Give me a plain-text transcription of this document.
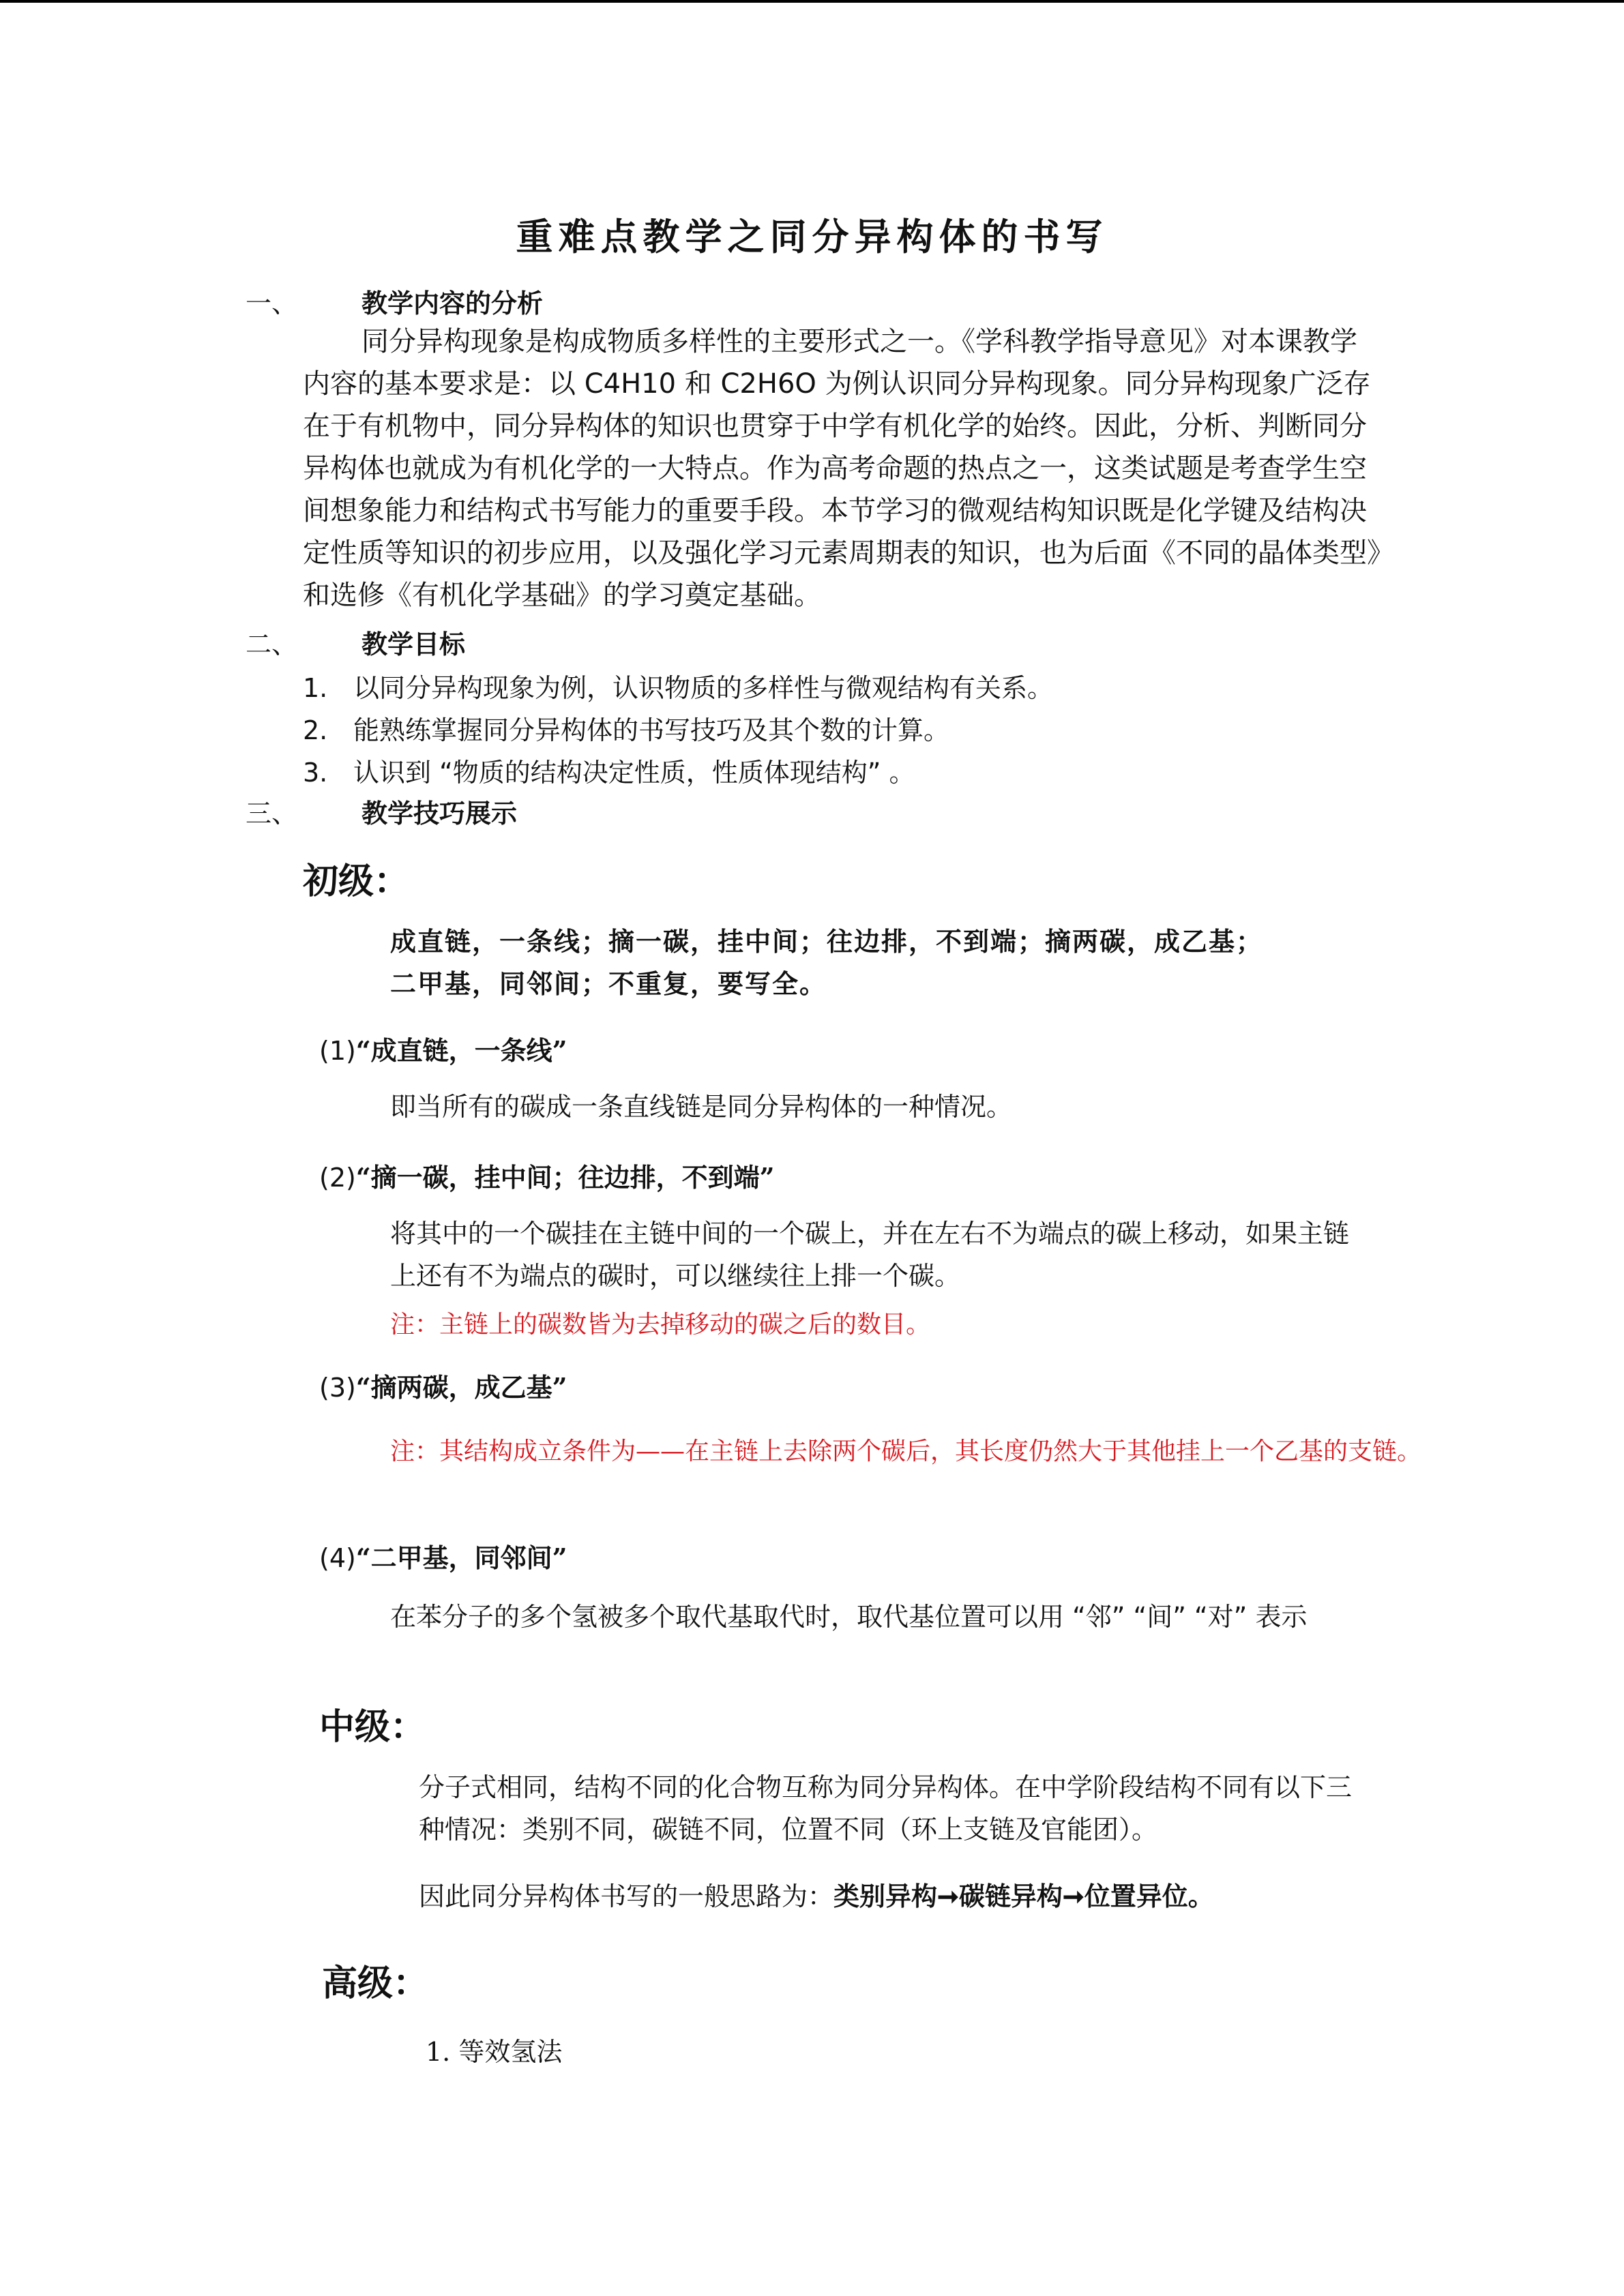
重难点教学之同分异构体的书写
一、 教学内容的分析
同分异构现象是构成物质多样性的主要形式之一。《学科教学指导意见》对本课教学内容的基本要求是：以 C4H10 和 C2H6O 为例认识同分异构现象。同分异构现象广泛存在于有机物中，同分异构体的知识也贯穿于中学有机化学的始终。因此，分析、判断同分异构体也就成为有机化学的一大特点。作为高考命题的热点之一，这类试题是考查学生空间想象能力和结构式书写能力的重要手段。本节学习的微观结构知识既是化学键及结构决定性质等知识的初步应用，以及强化学习元素周期表的知识，也为后面《不同的晶体类型》和选修《有机化学基础》的学习奠定基础。
二、 教学目标
1. 以同分异构现象为例，认识物质的多样性与微观结构有关系。
2. 能熟练掌握同分异构体的书写技巧及其个数的计算。
3. 认识到 “物质的结构决定性质，性质体现结构” 。
三、 教学技巧展示
初级：
成直链，一条线；摘一碳，挂中间；往边排，不到端；摘两碳，成乙基；
二甲基，同邻间；不重复，要写全。
(1)“成直链，一条线”
即当所有的碳成一条直线链是同分异构体的一种情况。
(2)“摘一碳，挂中间；往边排，不到端”
将其中的一个碳挂在主链中间的一个碳上，并在左右不为端点的碳上移动，如果主链上还有不为端点的碳时，可以继续往上排一个碳。
注：主链上的碳数皆为去掉移动的碳之后的数目。
(3)“摘两碳，成乙基”
注：其结构成立条件为——在主链上去除两个碳后，其长度仍然大于其他挂上一个乙基的支链。
(4)“二甲基，同邻间”
在苯分子的多个氢被多个取代基取代时，取代基位置可以用 “邻” “间” “对” 表示
中级：
分子式相同，结构不同的化合物互称为同分异构体。在中学阶段结构不同有以下三种情况：类别不同，碳链不同，位置不同（环上支链及官能团）。
因此同分异构体书写的一般思路为：类别异构➞碳链异构➞位置异位。
高级：
1. 等效氢法
